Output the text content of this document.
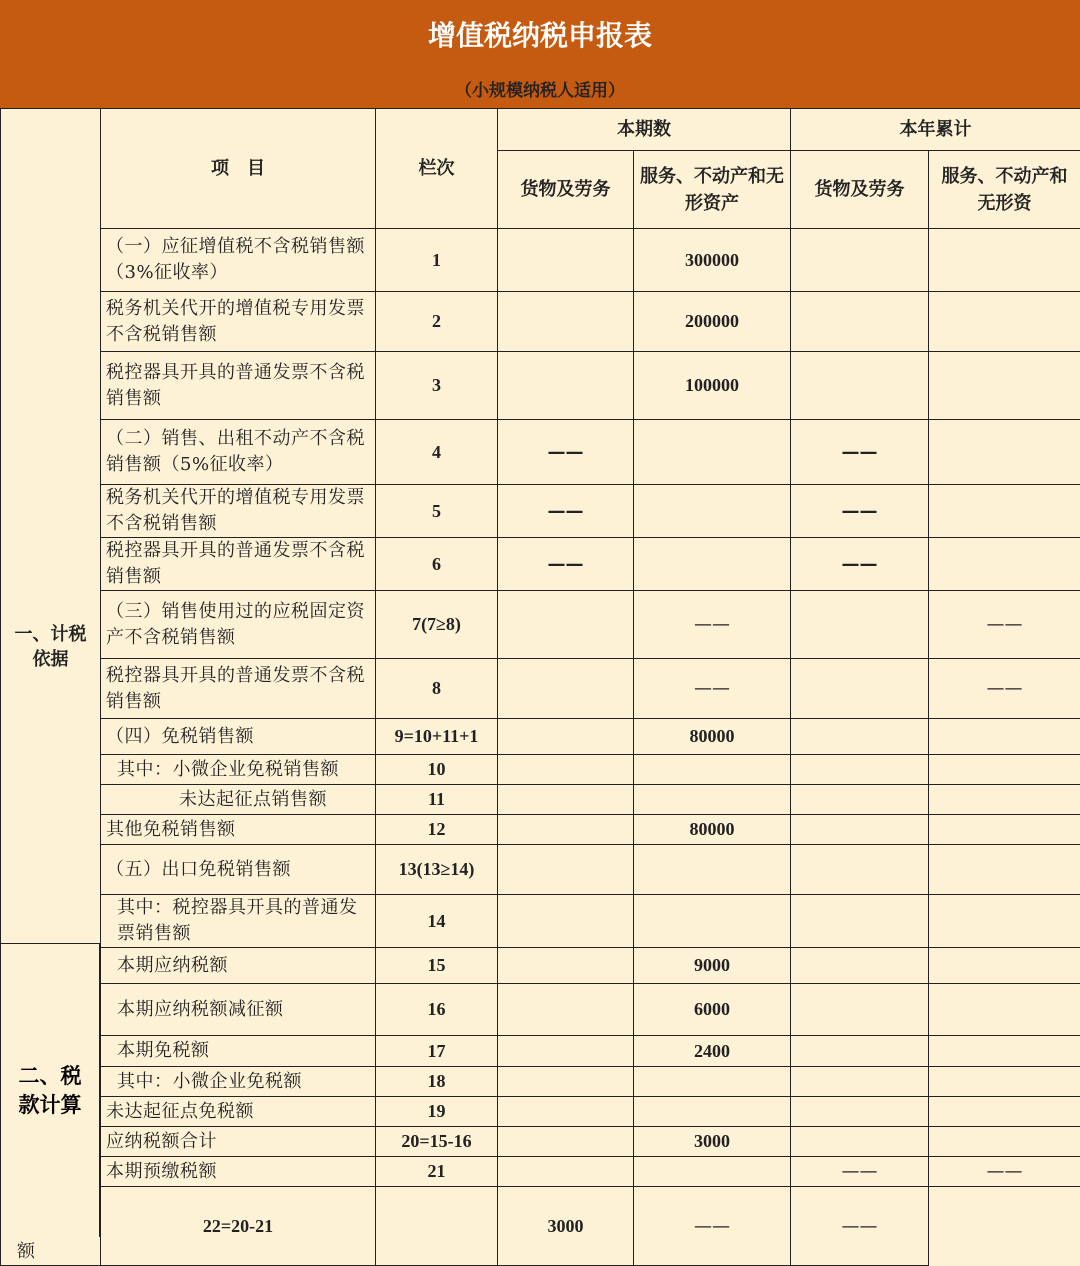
增值税纳税申报表
（小规模纳税人适用）
一、计税依据	项　目	栏次	本期数		本年累计	
			货物及劳务	服务、不动产和无形资产	货物及劳务	服务、不动产和无形资

	（一）应征增值税不含税销售额（3%征收率）	1		300000		
	税务机关代开的增值税专用发票不含税销售额	2		200000		
	税控器具开具的普通发票不含税销售额	3		100000		
	（二）销售、出租不动产不含税销售额（5%征收率）	4	——		——	
	税务机关代开的增值税专用发票不含税销售额	5	——		——	
	税控器具开具的普通发票不含税销售额	6	——		——	
	（三）销售使用过的应税固定资产不含税销售额	7(7≥8)		——		——
	税控器具开具的普通发票不含税销售额	8		——		——
	（四）免税销售额	9=10+11+1		80000		
	其中：小微企业免税销售额	10				
	未达起征点销售额	11				
	其他免税销售额	12		80000		
	（五）出口免税销售额	13(13≥14)				
	其中：税控器具开具的普通发票销售额	14				
	本期应纳税额	15		9000		
	本期应纳税额减征额	16		6000		
	本期免税额	17		2400		
	其中：小微企业免税额	18				
	未达起征点免税额	19				
	应纳税额合计	20=15-16		3000		
	本期预缴税额	21			——	——
额	22=20-21		3000	——	——	
二、税款计算
